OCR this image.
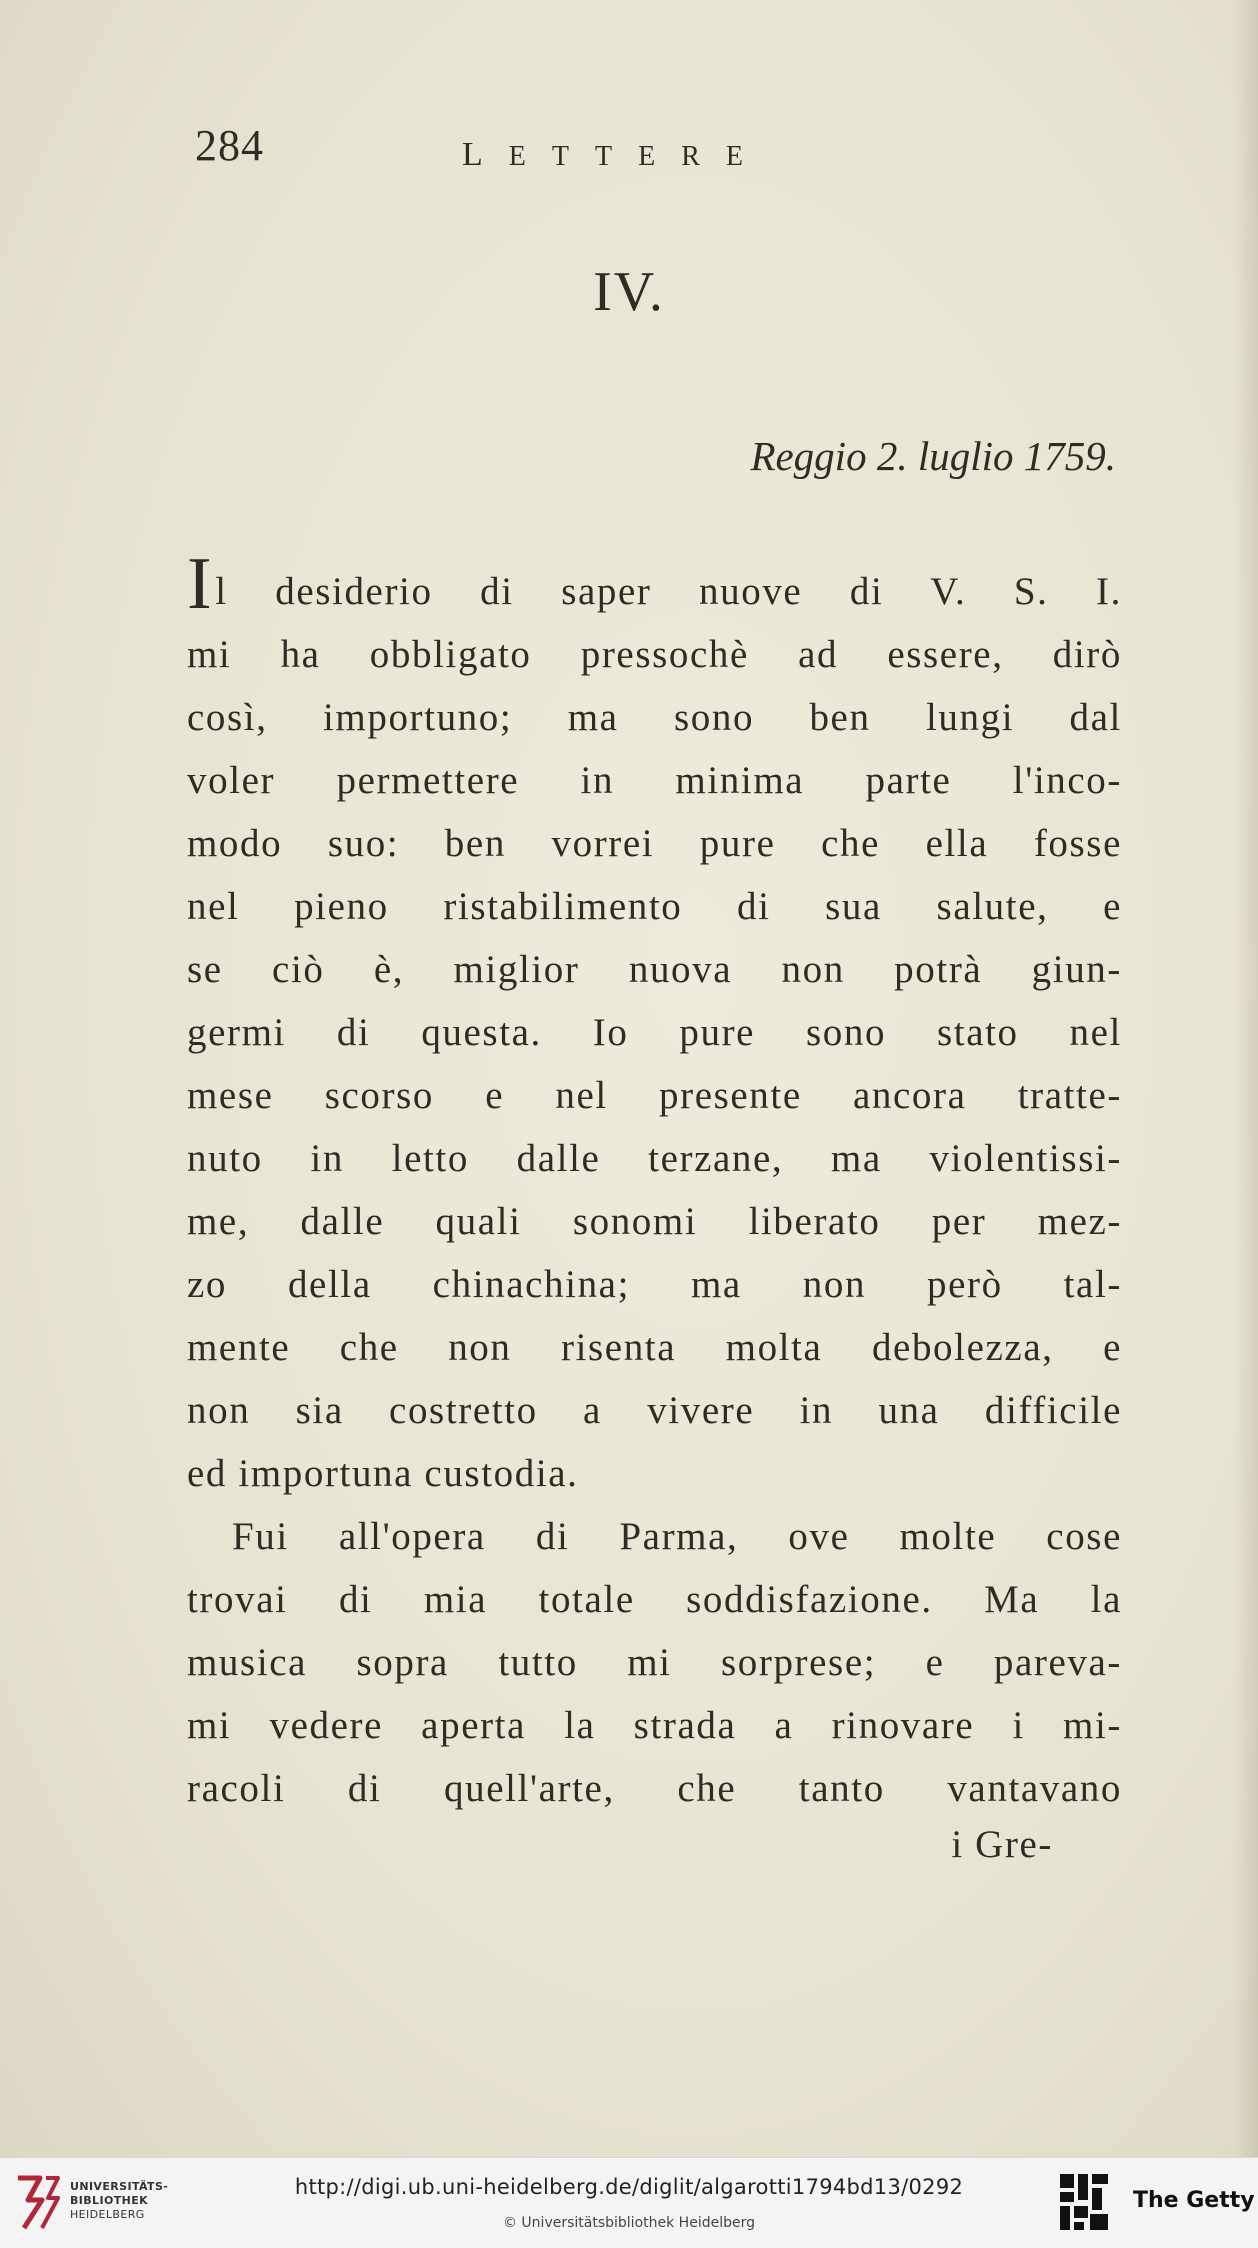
284	lettere
IV.
Reggio 2. luglio 1759.
Il desiderio di saper nuove di V. S. I.
mi ha obbligato pressochè ad essere, dirò
così, importuno; ma sono ben lungi dal
voler permettere in minima parte l'inco-
modo suo: ben vorrei pure che ella fosse
nel pieno ristabilimento di sua salute, e
se ciò è, miglior nuova non potrà giun-
germi di questa. Io pure sono stato nel
mese scorso e nel presente ancora tratte-
nuto in letto dalle terzane, ma violentissi-
me, dalle quali sonomi liberato per mez-
zo della chinachina; ma non però tal-
mente che non risenta molta debolezza, e
non sia costretto a vivere in una difficile
ed importuna custodia.
Fui all'opera di Parma, ove molte cose
trovai di mia totale soddisfazione. Ma la
musica sopra tutto mi sorprese; e pareva-
mi vedere aperta la strada a rinovare i mi-
racoli di quell'arte, che tanto vantavano
i Gre-
UNIVERSITÄTS-
BIBLIOTHEK
HEIDELBERG
http://digi.ub.uni-heidelberg.de/diglit/algarotti1794bd13/0292
© Universitätsbibliothek Heidelberg
The Getty
